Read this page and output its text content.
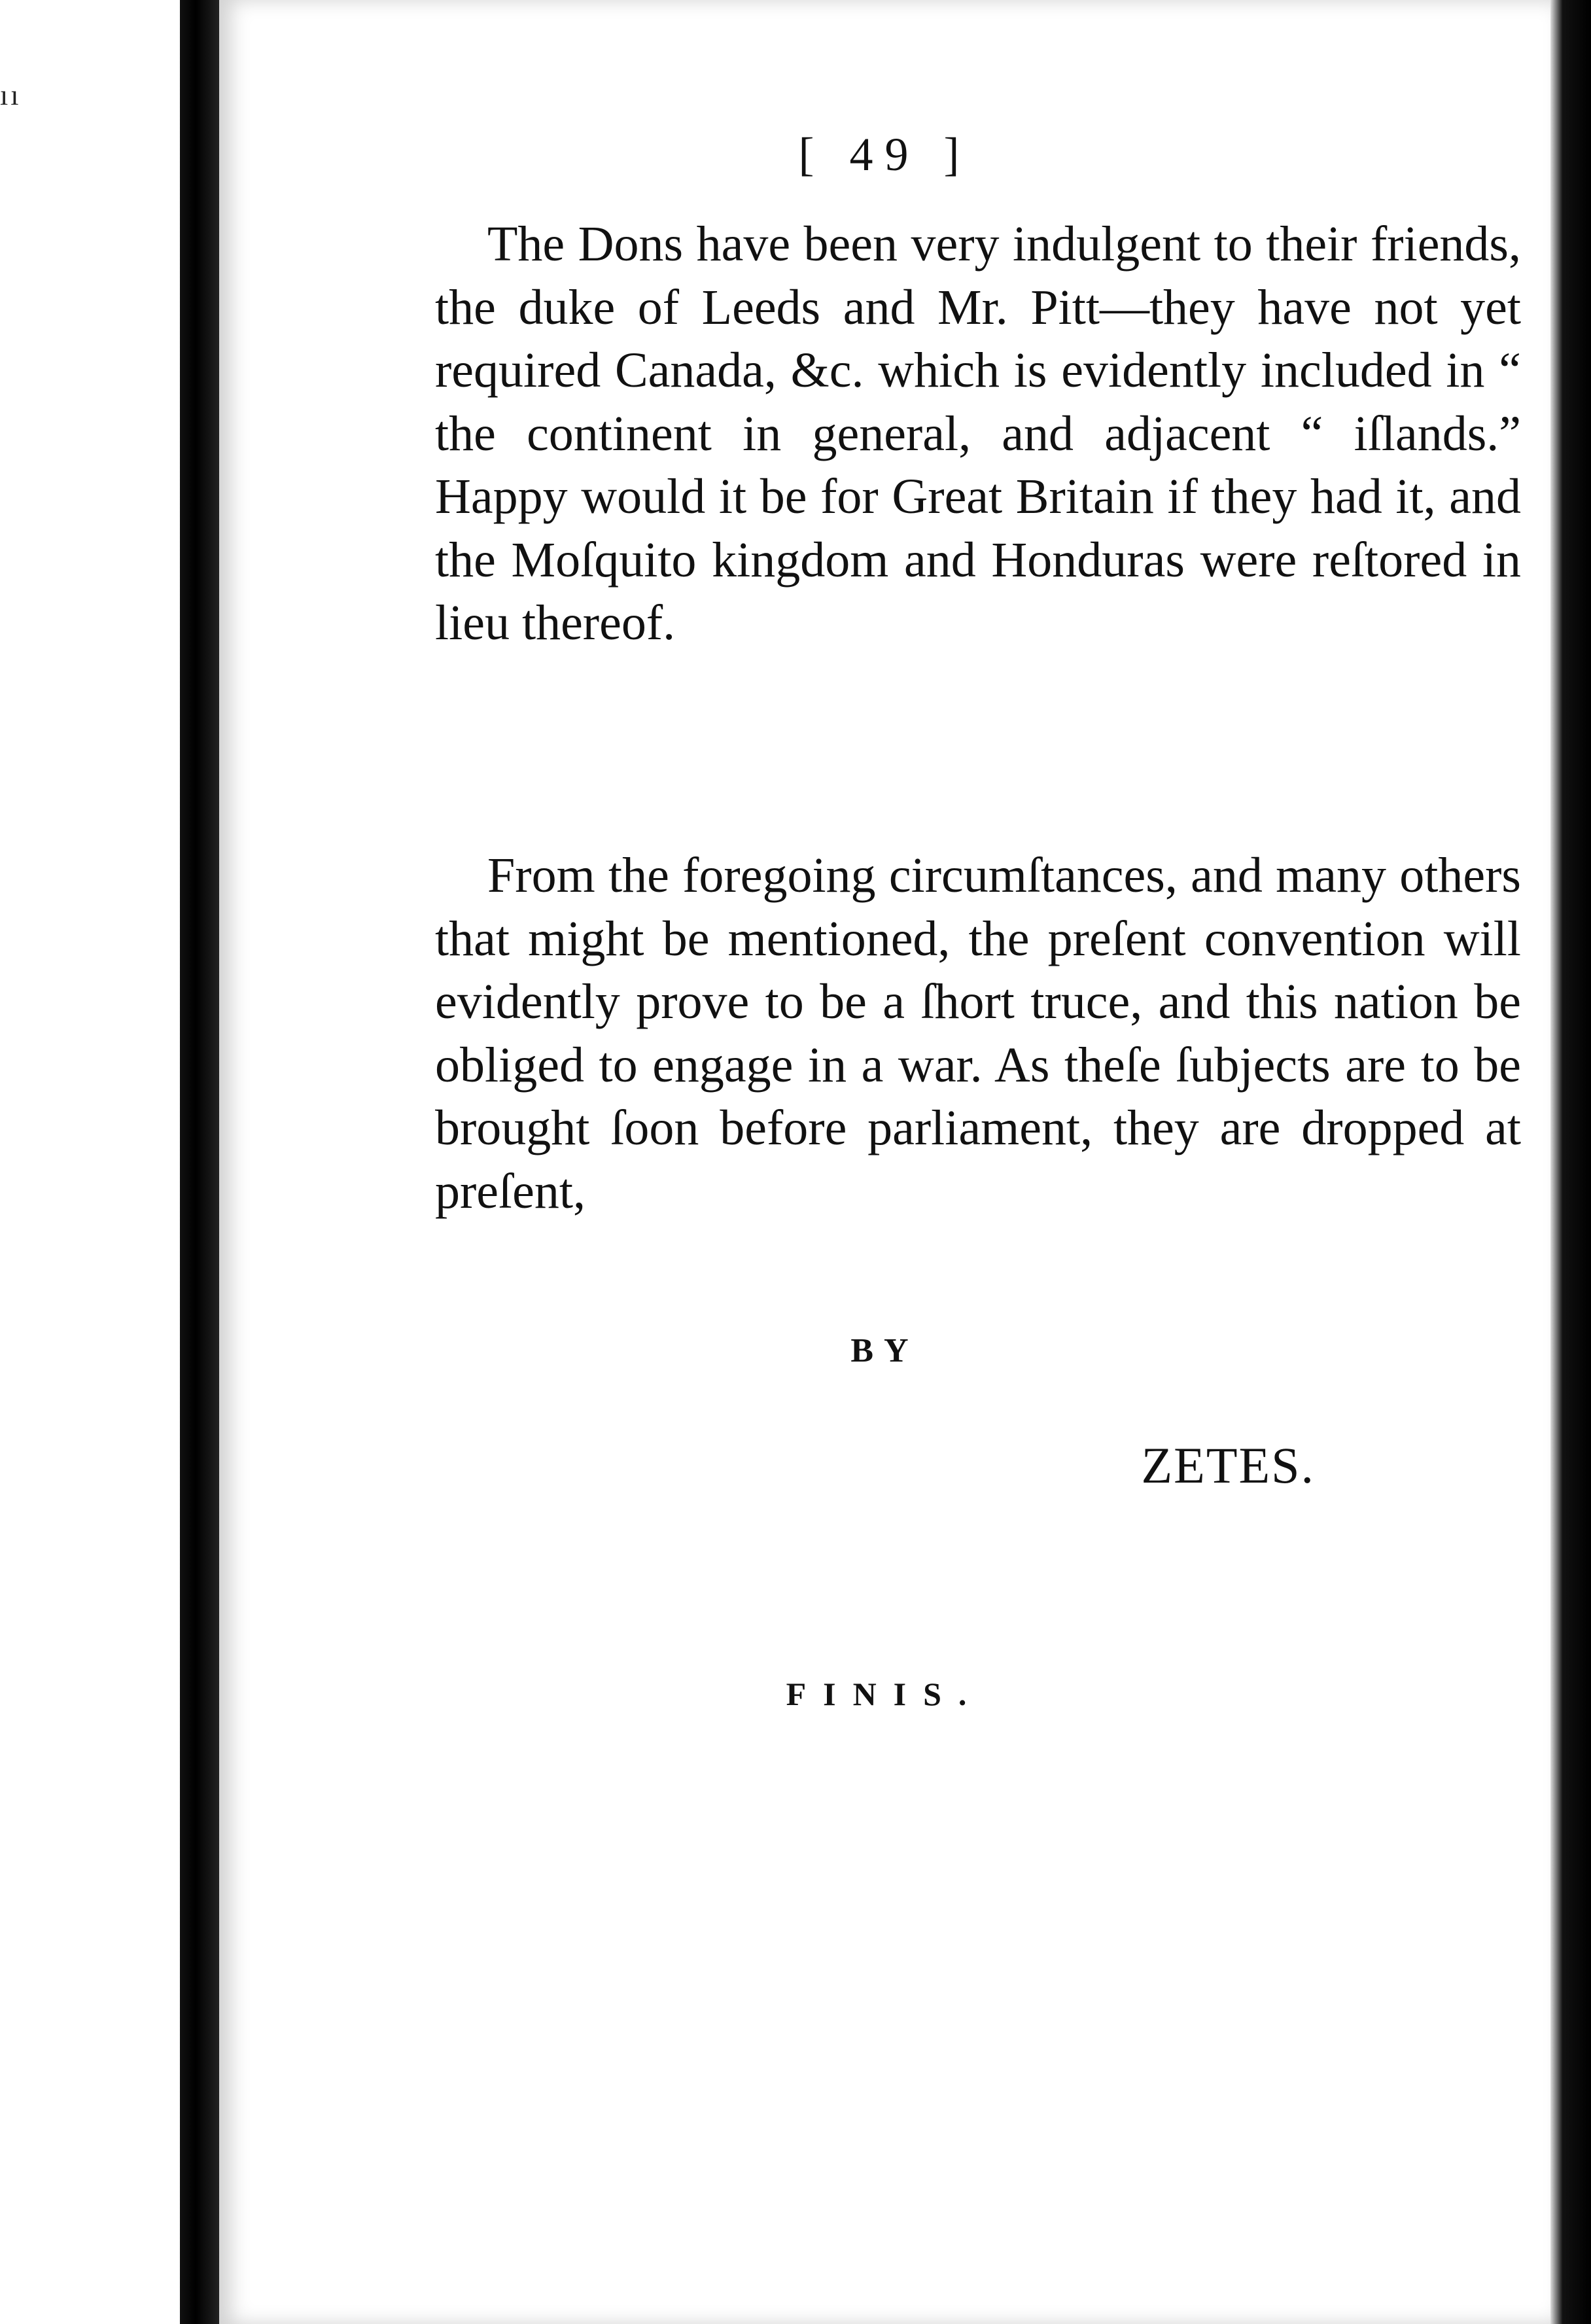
ıı
[ 49 ]

The Dons have been very indulgent to their friends, the duke of Leeds and Mr. Pitt—they have not yet required Canada, &c. which is evidently included in “ the continent in general, and adjacent “ iſlands.” Happy would it be for Great Britain if they had it, and the Moſquito kingdom and Honduras were reſtored in lieu thereof.

From the foregoing circumſtances, and many others that might be mentioned, the preſent convention will evidently prove to be a ſhort truce, and this nation be obliged to engage in a war. As theſe ſubjects are to be brought ſoon before parliament, they are dropped at preſent,

BY
ZETES.
FINIS.
